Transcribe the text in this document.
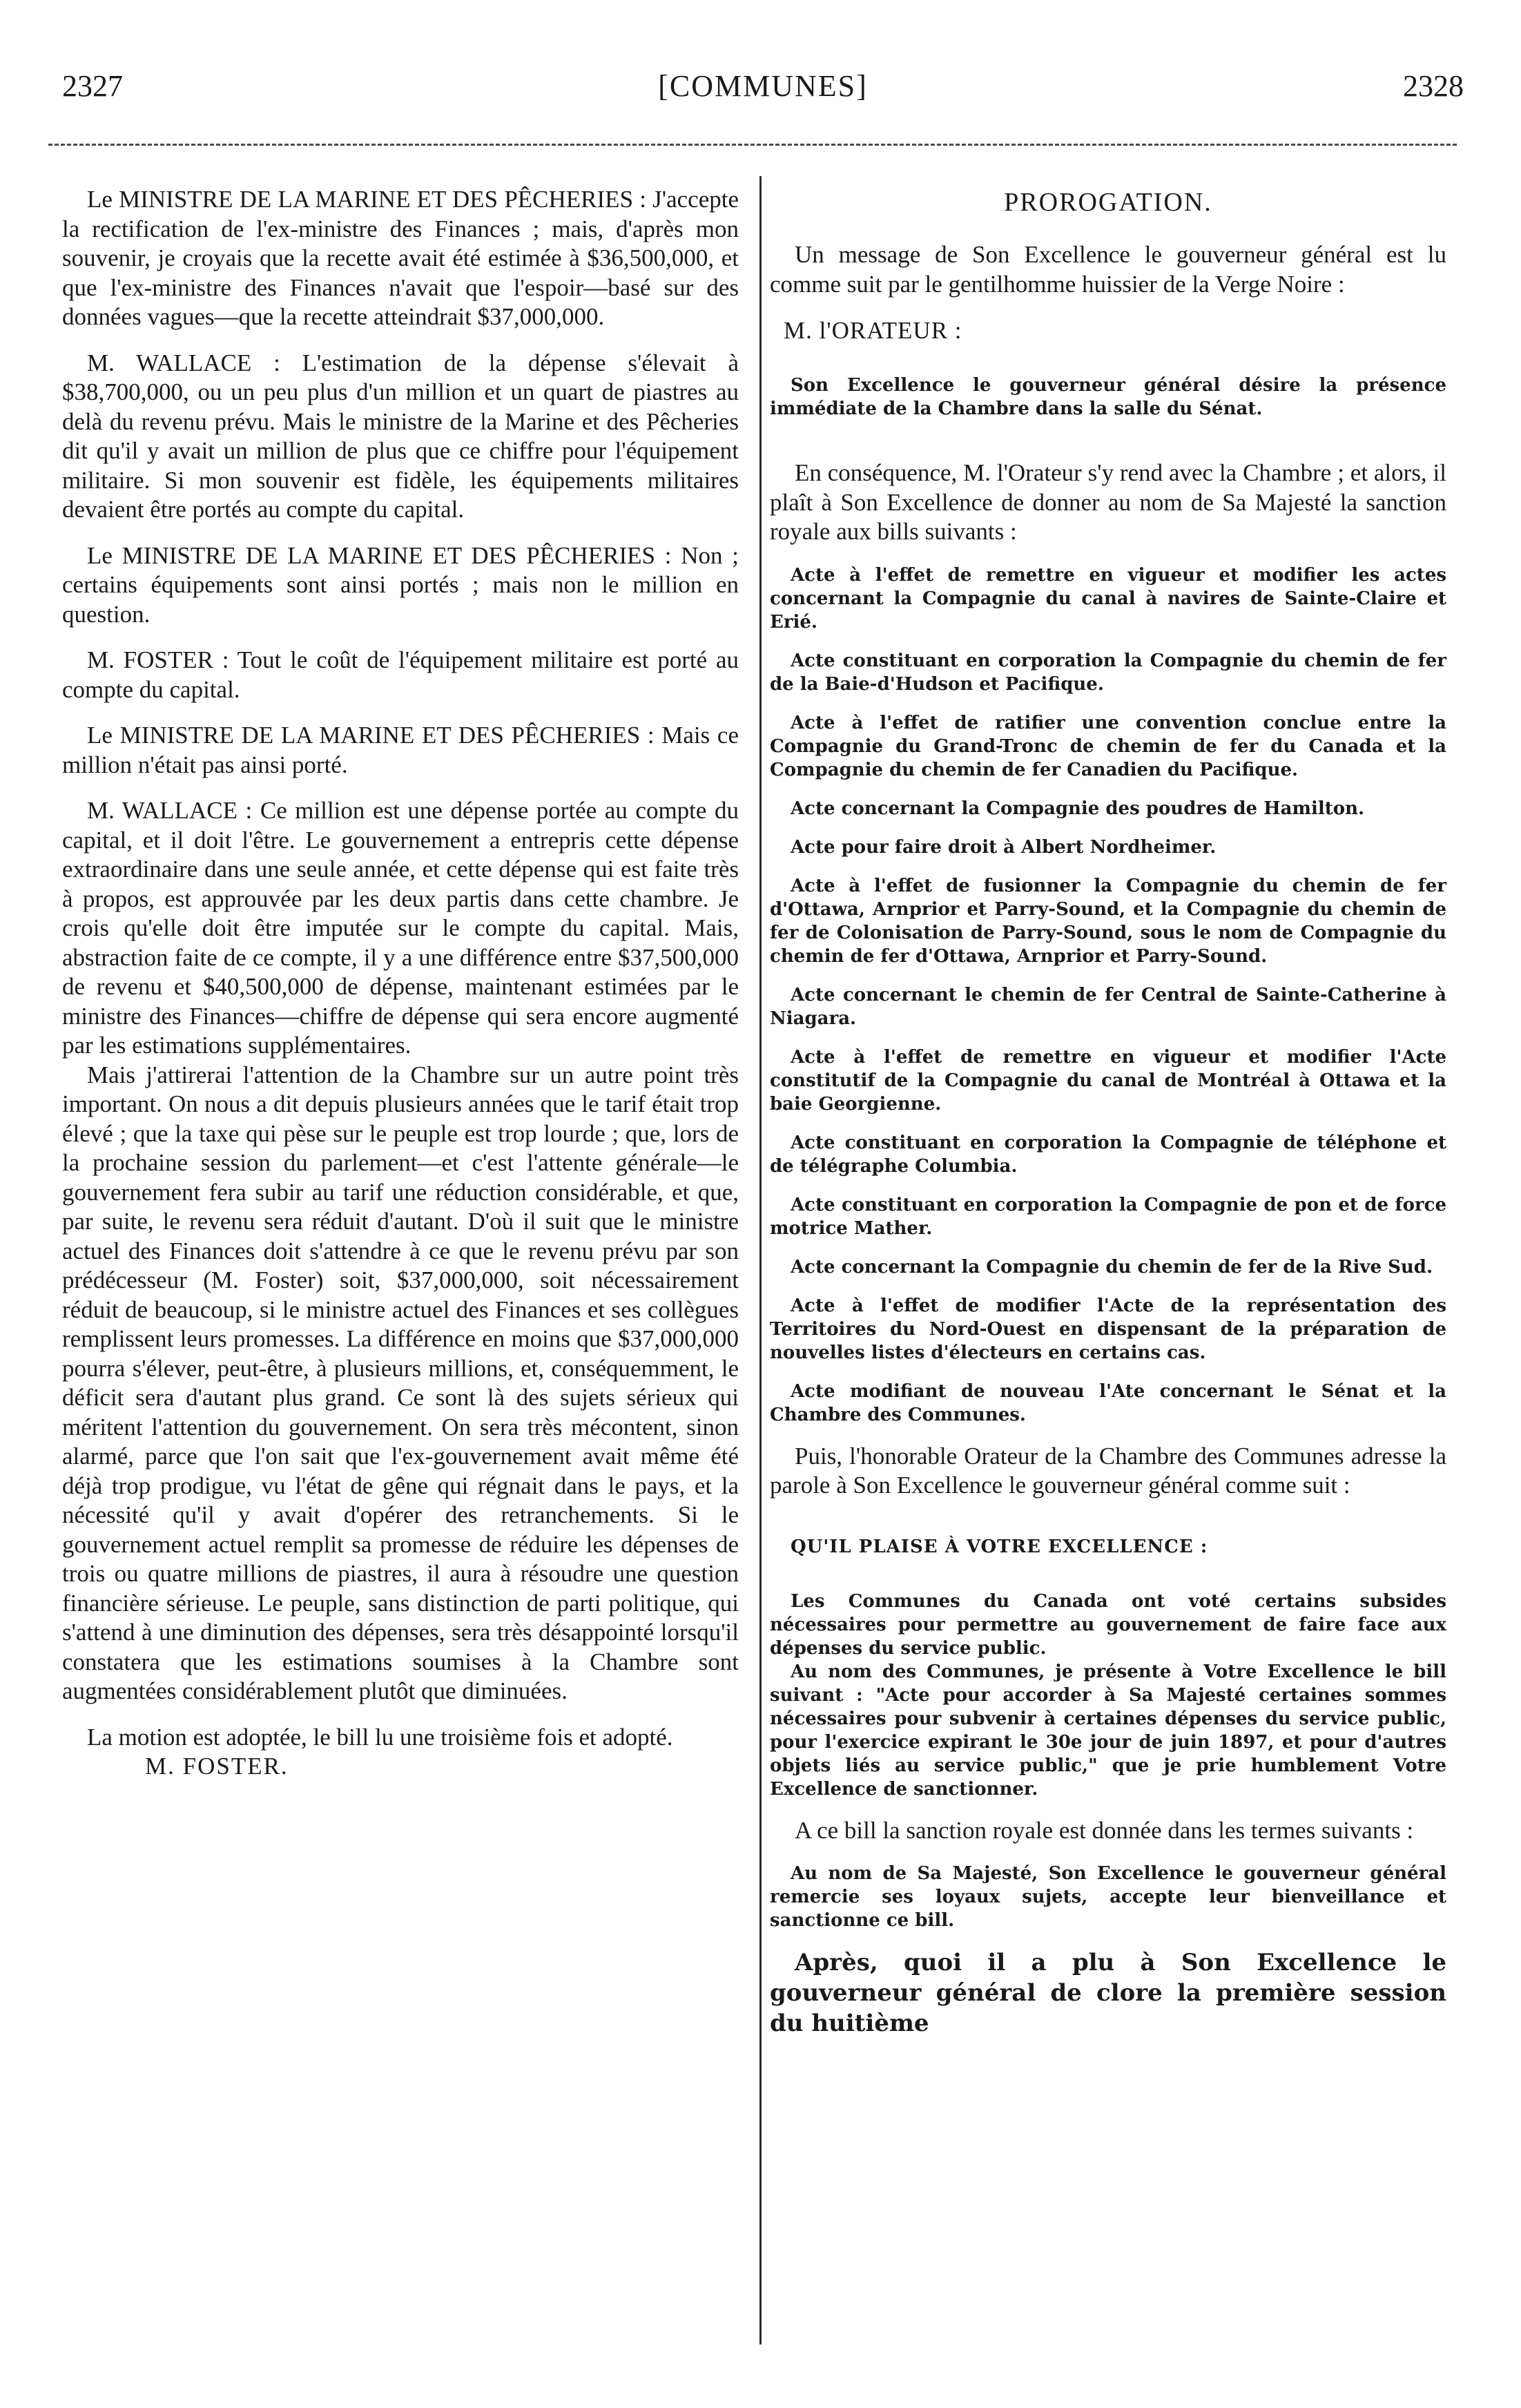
2327	[COMMUNES]	2328

Le MINISTRE DE LA MARINE ET DES PÊCHERIES : J'accepte la rectification de l'ex-ministre des Finances ; mais, d'après mon souvenir, je croyais que la recette avait été estimée à $36,500,000, et que l'ex-ministre des Finances n'avait que l'espoir—basé sur des données vagues—que la recette atteindrait $37,000,000.

M. WALLACE : L'estimation de la dépense s'élevait à $38,700,000, ou un peu plus d'un million et un quart de piastres au delà du revenu prévu. Mais le ministre de la Marine et des Pêcheries dit qu'il y avait un million de plus que ce chiffre pour l'équipement militaire. Si mon souvenir est fidèle, les équipements militaires devaient être portés au compte du capital.

Le MINISTRE DE LA MARINE ET DES PÊCHERIES : Non ; certains équipements sont ainsi portés ; mais non le million en question.

M. FOSTER : Tout le coût de l'équipement militaire est porté au compte du capital.

Le MINISTRE DE LA MARINE ET DES PÊCHERIES : Mais ce million n'était pas ainsi porté.

M. WALLACE : Ce million est une dépense portée au compte du capital, et il doit l'être. Le gouvernement a entrepris cette dépense extraordinaire dans une seule année, et cette dépense qui est faite très à propos, est approuvée par les deux partis dans cette chambre. Je crois qu'elle doit être imputée sur le compte du capital. Mais, abstraction faite de ce compte, il y a une différence entre $37,500,000 de revenu et $40,500,000 de dépense, maintenant estimées par le ministre des Finances—chiffre de dépense qui sera encore augmenté par les estimations supplémentaires.

Mais j'attirerai l'attention de la Chambre sur un autre point très important. On nous a dit depuis plusieurs années que le tarif était trop élevé ; que la taxe qui pèse sur le peuple est trop lourde ; que, lors de la prochaine session du parlement—et c'est l'attente générale—le gouvernement fera subir au tarif une réduction considérable, et que, par suite, le revenu sera réduit d'autant. D'où il suit que le ministre actuel des Finances doit s'attendre à ce que le revenu prévu par son prédécesseur (M. Foster) soit, $37,000,000, soit nécessairement réduit de beaucoup, si le ministre actuel des Finances et ses collègues remplissent leurs promesses. La différence en moins que $37,000,000 pourra s'élever, peut-être, à plusieurs millions, et, conséquemment, le déficit sera d'autant plus grand. Ce sont là des sujets sérieux qui méritent l'attention du gouvernement. On sera très mécontent, sinon alarmé, parce que l'on sait que l'ex-gouvernement avait même été déjà trop prodigue, vu l'état de gêne qui régnait dans le pays, et la nécessité qu'il y avait d'opérer des retranchements. Si le gouvernement actuel remplit sa promesse de réduire les dépenses de trois ou quatre millions de piastres, il aura à résoudre une question financière sérieuse. Le peuple, sans distinction de parti politique, qui s'attend à une diminution des dépenses, sera très désappointé lorsqu'il constatera que les estimations soumises à la Chambre sont augmentées considérablement plutôt que diminuées.

La motion est adoptée, le bill lu une troisième fois et adopté.

M. FOSTER.

PROROGATION.

Un message de Son Excellence le gouverneur général est lu comme suit par le gentilhomme huissier de la Verge Noire :

M. l'ORATEUR :

Son Excellence le gouverneur général désire la présence immédiate de la Chambre dans la salle du Sénat.

En conséquence, M. l'Orateur s'y rend avec la Chambre ; et alors, il plaît à Son Excellence de donner au nom de Sa Majesté la sanction royale aux bills suivants :

Acte à l'effet de remettre en vigueur et modifier les actes concernant la Compagnie du canal à navires de Sainte-Claire et Erié.

Acte constituant en corporation la Compagnie du chemin de fer de la Baie-d'Hudson et Pacifique.

Acte à l'effet de ratifier une convention conclue entre la Compagnie du Grand-Tronc de chemin de fer du Canada et la Compagnie du chemin de fer Canadien du Pacifique.

Acte concernant la Compagnie des poudres de Hamilton.

Acte pour faire droit à Albert Nordheimer.

Acte à l'effet de fusionner la Compagnie du chemin de fer d'Ottawa, Arnprior et Parry-Sound, et la Compagnie du chemin de fer de Colonisation de Parry-Sound, sous le nom de Compagnie du chemin de fer d'Ottawa, Arnprior et Parry-Sound.

Acte concernant le chemin de fer Central de Sainte-Catherine à Niagara.

Acte à l'effet de remettre en vigueur et modifier l'Acte constitutif de la Compagnie du canal de Montréal à Ottawa et la baie Georgienne.

Acte constituant en corporation la Compagnie de téléphone et de télégraphe Columbia.

Acte constituant en corporation la Compagnie de pon et de force motrice Mather.

Acte concernant la Compagnie du chemin de fer de la Rive Sud.

Acte à l'effet de modifier l'Acte de la représentation des Territoires du Nord-Ouest en dispensant de la préparation de nouvelles listes d'électeurs en certains cas.

Acte modifiant de nouveau l'Ate concernant le Sénat et la Chambre des Communes.

Puis, l'honorable Orateur de la Chambre des Communes adresse la parole à Son Excellence le gouverneur général comme suit :

QU'IL PLAISE À VOTRE EXCELLENCE :

Les Communes du Canada ont voté certains subsides nécessaires pour permettre au gouvernement de faire face aux dépenses du service public.

Au nom des Communes, je présente à Votre Excellence le bill suivant : "Acte pour accorder à Sa Majesté certaines sommes nécessaires pour subvenir à certaines dépenses du service public, pour l'exercice expirant le 30e jour de juin 1897, et pour d'autres objets liés au service public," que je prie humblement Votre Excellence de sanctionner.

A ce bill la sanction royale est donnée dans les termes suivants :

Au nom de Sa Majesté, Son Excellence le gouverneur général remercie ses loyaux sujets, accepte leur bienveillance et sanctionne ce bill.

Après, quoi il a plu à Son Excellence le gouverneur général de clore la première session du huitième
